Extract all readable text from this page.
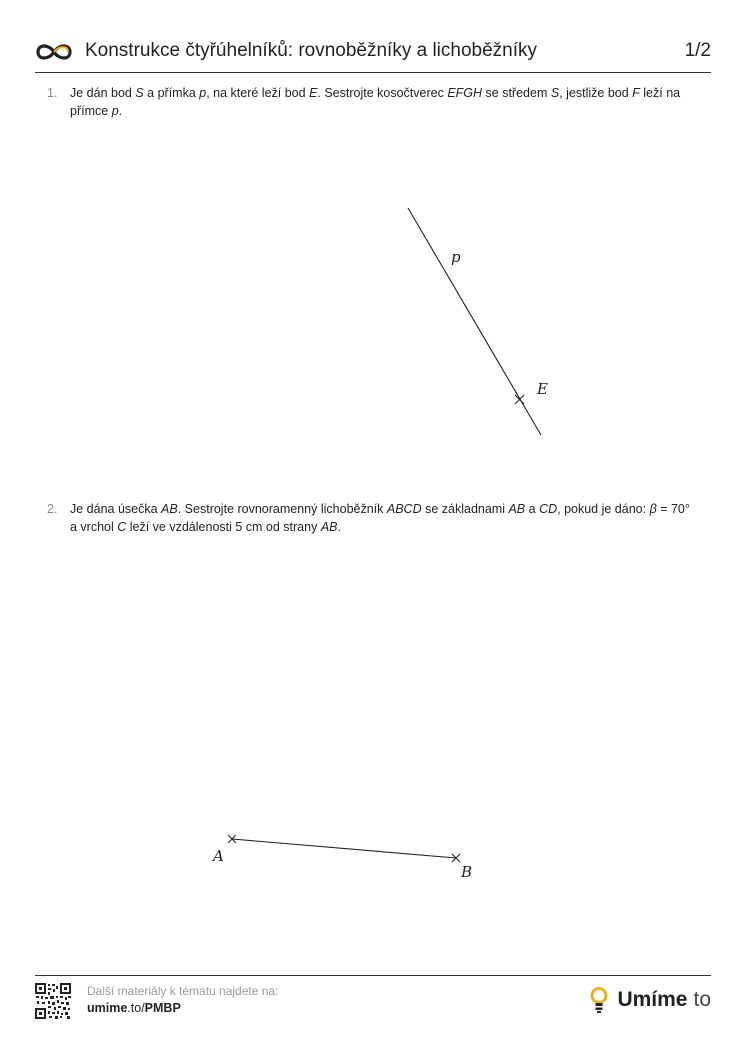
Konstrukce čtyřúhelníků: rovnoběžníky a lichoběžníky	1/2
1. Je dán bod S a přímka p, na které leží bod E. Sestrojte kosočtverec EFGH se středem S, jestliže bod F leží na přímce p.
2. Je dána úsečka AB. Sestrojte rovnoramenný lichoběžník ABCD se základnami AB a CD, pokud je dáno: β = 70° a vrchol C leží ve vzdálenosti 5 cm od strany AB.
p
E
A
B
Další materiály k tématu najdete na:
umime.to/PMBP	Umíme to
